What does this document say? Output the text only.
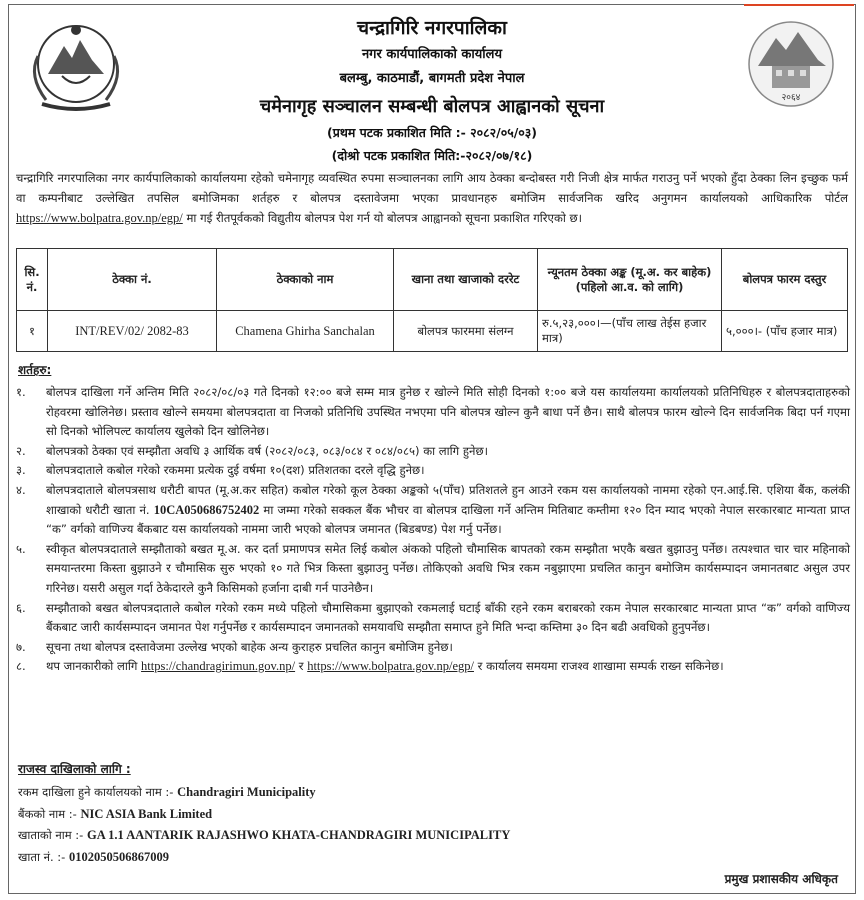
२०६४
चन्द्रागिरि नगरपालिका
नगर कार्यपालिकाको कार्यालय
बलम्बु, काठमाडौं, बागमती प्रदेश नेपाल
चमेनागृह सञ्चालन सम्बन्धी बोलपत्र आह्वानको सूचना
(प्रथम पटक प्रकाशित मिति :- २०८२/०५/०३)
(दोश्रो पटक प्रकाशित मिति:-२०८२/०७/१८)
चन्द्रागिरि नगरपालिका नगर कार्यपालिकाको कार्यालयमा रहेको चमेनागृह व्यवस्थित रुपमा सञ्चालनका लागि आय ठेक्का बन्दोबस्त गरी निजी क्षेत्र मार्फत गराउनु पर्ने भएको हुँदा ठेक्का लिन इच्छुक फर्म वा कम्पनीबाट उल्लेखित तपसिल बमोजिमका शर्तहरु र बोलपत्र दस्तावेजमा भएका प्रावधानहरु बमोजिम सार्वजनिक खरिद अनुगमन कार्यालयको आधिकारिक पोर्टल https://www.bolpatra.gov.np/egp/ मा गई रीतपूर्वकको विद्युतीय बोलपत्र पेश गर्न यो बोलपत्र आह्वानको सूचना प्रकाशित गरिएको छ।
सि. नं.	ठेक्का नं.	ठेक्काको नाम	खाना तथा खाजाको दररेट	न्यूनतम ठेक्का अङ्क (मू.अ. कर बाहेक)(पहिलो आ.व. को लागि)	बोलपत्र फारम दस्तुर
१	INT/REV/02/ 2082-83	Chamena Ghirha Sanchalan	बोलपत्र फारममा संलग्न	रु.५,२३,०००।—(पाँच लाख तेईस हजार मात्र)	५,०००।- (पाँच हजार मात्र)
शर्तहरु:
१.	बोलपत्र दाखिला गर्ने अन्तिम मिति २०८२/०८/०३ गते दिनको १२:०० बजे सम्म मात्र हुनेछ र खोल्ने मिति सोही दिनको १:०० बजे यस कार्यालयमा कार्यालयको प्रतिनिधिहरु र बोलपत्रदाताहरुको रोहवरमा खोलिनेछ। प्रस्ताव खोल्ने समयमा बोलपत्रदाता वा निजको प्रतिनिधि उपस्थित नभएमा पनि बोलपत्र खोल्न कुनै बाधा पर्ने छैन। साथै बोलपत्र फारम खोल्ने दिन सार्वजनिक बिदा पर्न गएमा सो दिनको भोलिपल्ट कार्यालय खुलेको दिन खोलिनेछ।
२.	बोलपत्रको ठेक्का एवं सम्झौता अवधि ३ आर्थिक वर्ष (२०८२/०८३, ०८३/०८४ र ०८४/०८५) का लागि हुनेछ।
३.	बोलपत्रदाताले कबोल गरेको रकममा प्रत्येक दुई वर्षमा १०(दश) प्रतिशतका दरले वृद्धि हुनेछ।
४.	बोलपत्रदाताले बोलपत्रसाथ धरौटी बापत (मू.अ.कर सहित) कबोल गरेको कूल ठेक्का अङ्कको ५(पाँच) प्रतिशतले हुन आउने रकम यस कार्यालयको नाममा रहेको एन.आई.सि. एशिया बैंक, कलंकी शाखाको धरौटी खाता नं. 10CA050686752402 मा जम्मा गरेको सक्कल बैंक भौचर वा बोलपत्र दाखिला गर्ने अन्तिम मितिबाट कम्तीमा १२० दिन म्याद भएको नेपाल सरकारबाट मान्यता प्राप्त “क” वर्गको वाणिज्य बैंकबाट यस कार्यालयको नाममा जारी भएको बोलपत्र जमानत (बिडबण्ड) पेश गर्नु पर्नेछ।
५.	स्वीकृत बोलपत्रदाताले सम्झौताको बखत मू.अ. कर दर्ता प्रमाणपत्र समेत लिई कबोल अंकको पहिलो चौमासिक बापतको रकम सम्झौता भएकै बखत बुझाउनु पर्नेछ। तत्पश्चात चार चार महिनाको समयान्तरमा किस्ता बुझाउने र चौमासिक सुरु भएको १० गते भित्र किस्ता बुझाउनु पर्नेछ। तोकिएको अवधि भित्र रकम नबुझाएमा प्रचलित कानुन बमोजिम कार्यसम्पादन जमानतबाट असुल उपर गरिनेछ। यसरी असुल गर्दा ठेकेदारले कुनै किसिमको हर्जाना दाबी गर्न पाउनेछैन।
६.	सम्झौताको बखत बोलपत्रदाताले कबोल गरेको रकम मध्ये पहिलो चौमासिकमा बुझाएको रकमलाई घटाई बाँकी रहने रकम बराबरको रकम नेपाल सरकारबाट मान्यता प्राप्त “क” वर्गको वाणिज्य बैंकबाट जारी कार्यसम्पादन जमानत पेश गर्नुपर्नेछ र कार्यसम्पादन जमानतको समयावधि सम्झौता समाप्त हुने मिति भन्दा कम्तिमा ३० दिन बढी अवधिको हुनुपर्नेछ।
७.	सूचना तथा बोलपत्र दस्तावेजमा उल्लेख भएको बाहेक अन्य कुराहरु प्रचलित कानुन बमोजिम हुनेछ।
८.	थप जानकारीको लागि https://chandragirimun.gov.np/ र https://www.bolpatra.gov.np/egp/ र कार्यालय समयमा राजश्व शाखामा सम्पर्क राख्न सकिनेछ।
राजस्व दाखिलाको लागि :
रकम दाखिला हुने कार्यालयको नाम :- Chandragiri Municipality
बैंकको नाम :- NIC ASIA Bank Limited
खाताको नाम :- GA 1.1 AANTARIK RAJASHWO KHATA-CHANDRAGIRI MUNICIPALITY
खाता नं. :- 0102050506867009
प्रमुख प्रशासकीय अधिकृत
